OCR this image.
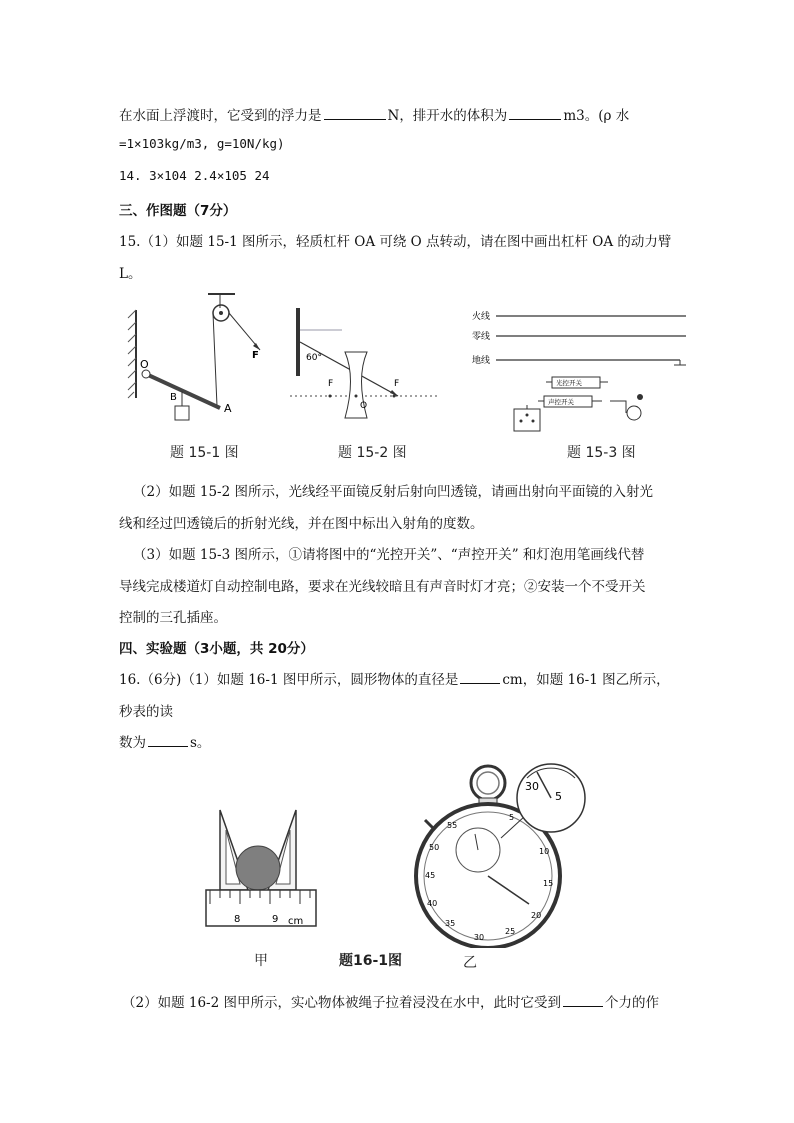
在水面上浮渡时，它受到的浮力是	N，排开水的体积为	m3。(ρ 水
=1×103kg/m3, g=10N/kg)
14. 3×104 2.4×105 24
三、作图题（7分）
15.（1）如题 15-1 图所示，轻质杠杆 OA 可绕 O 点转动，请在图中画出杠杆 OA 的动力臂
L。
O
B
A
F
题 15-1 图
60°
F
O
F
题 15-2 图
火线
零线
地线
光控开关
声控开关
题 15-3 图
（2）如题 15-2 图所示，光线经平面镜反射后射向凹透镜，请画出射向平面镜的入射光
线和经过凹透镜后的折射光线，并在图中标出入射角的度数。
（3）如题 15-3 图所示，①请将图中的“光控开关”、“声控开关” 和灯泡用笔画线代替
导线完成楼道灯自动控制电路，要求在光线较暗且有声音时灯才亮；②安装一个不受开关
控制的三孔插座。
四、实验题（3小题，共 20分）
16.（6分)（1）如题 16-1 图甲所示，圆形物体的直径是	cm，如题 16-1 图乙所示，
秒表的读
数为	s。
8	9 cm
甲	题16-1图	乙
30
5
10
15
20
25
35
40
45
50
55
30
5
（2）如题 16-2 图甲所示，实心物体被绳子拉着浸没在水中，此时它受到	个力的作
